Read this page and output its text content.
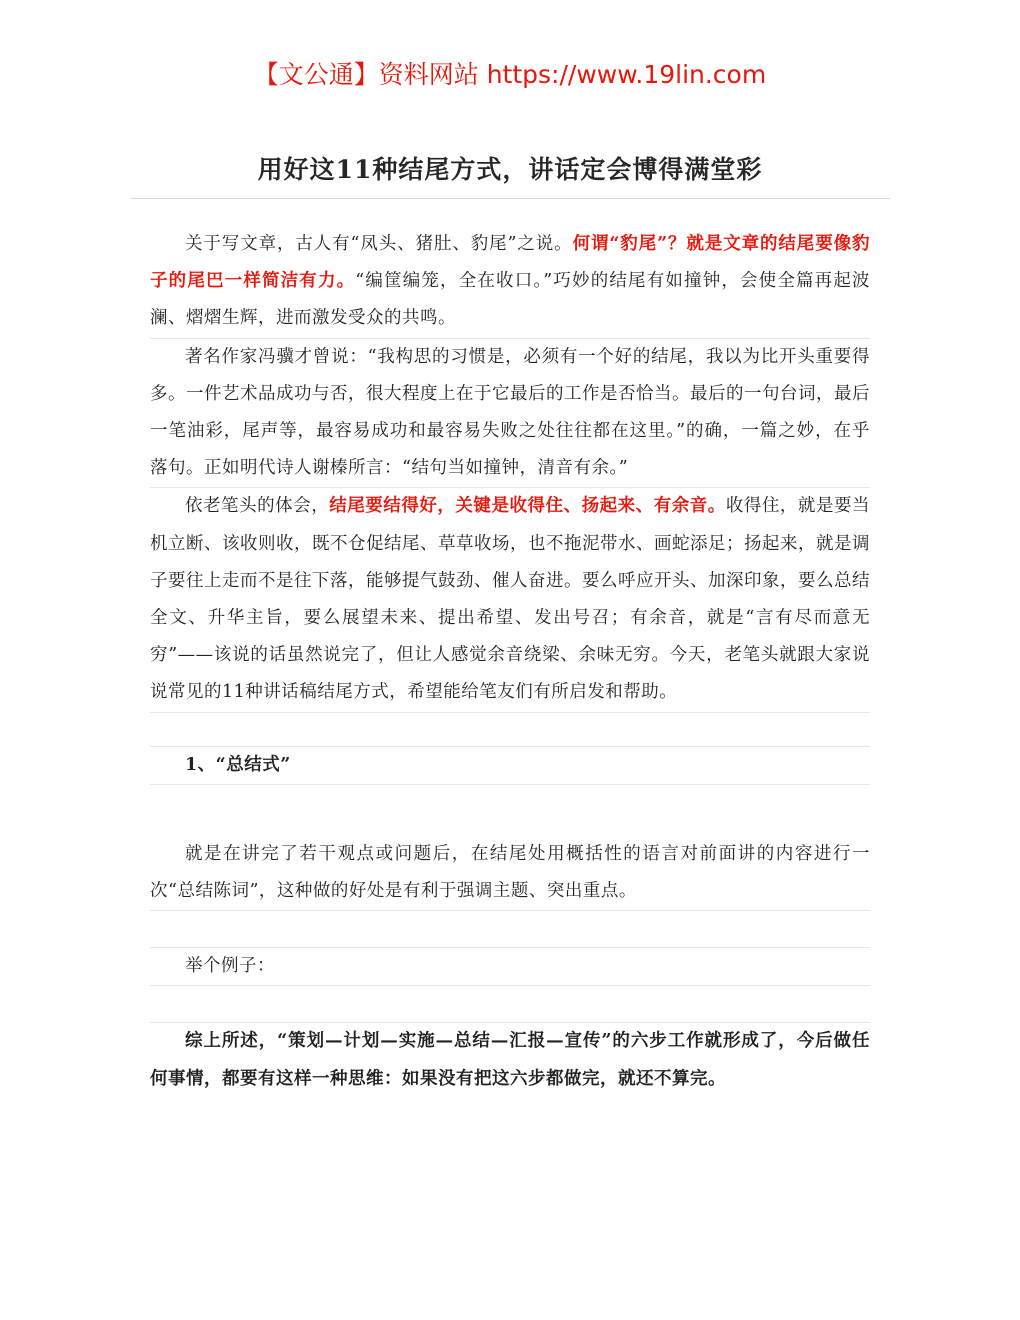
【文公通】资料网站 https://www.19lin.com
用好这11种结尾方式，讲话定会博得满堂彩

关于写文章，古人有“凤头、猪肚、豹尾”之说。何谓“豹尾”？就是文章的结尾要像豹子的尾巴一样简洁有力。“编筐编笼，全在收口。”巧妙的结尾有如撞钟，会使全篇再起波澜、熠熠生辉，进而激发受众的共鸣。

著名作家冯骥才曾说：“我构思的习惯是，必须有一个好的结尾，我以为比开头重要得多。一件艺术品成功与否，很大程度上在于它最后的工作是否恰当。最后的一句台词，最后一笔油彩，尾声等，最容易成功和最容易失败之处往往都在这里。”的确，一篇之妙，在乎落句。正如明代诗人谢榛所言：“结句当如撞钟，清音有余。”

依老笔头的体会，结尾要结得好，关键是收得住、扬起来、有余音。收得住，就是要当机立断、该收则收，既不仓促结尾、草草收场，也不拖泥带水、画蛇添足；扬起来，就是调子要往上走而不是往下落，能够提气鼓劲、催人奋进。要么呼应开头、加深印象，要么总结全文、升华主旨，要么展望未来、提出希望、发出号召；有余音，就是“言有尽而意无穷”——该说的话虽然说完了，但让人感觉余音绕梁、余味无穷。今天，老笔头就跟大家说说常见的11种讲话稿结尾方式，希望能给笔友们有所启发和帮助。

1、“总结式”

就是在讲完了若干观点或问题后，在结尾处用概括性的语言对前面讲的内容进行一次“总结陈词”，这种做的好处是有利于强调主题、突出重点。

举个例子：

综上所述，“策划—计划—实施—总结—汇报—宣传”的六步工作就形成了，今后做任何事情，都要有这样一种思维：如果没有把这六步都做完，就还不算完。
